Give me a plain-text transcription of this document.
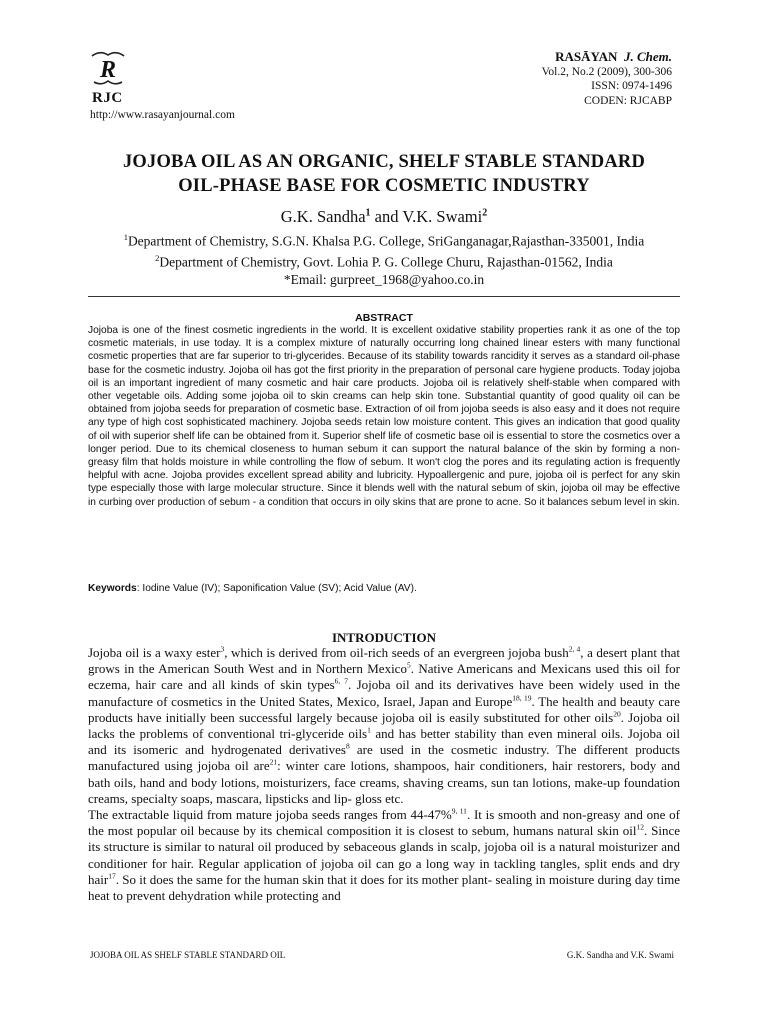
R
RJC
http://www.rasayanjournal.com
RASĀYAN J. Chem.
Vol.2, No.2 (2009), 300-306
ISSN: 0974-1496
CODEN: RJCABP
JOJOBA OIL AS AN ORGANIC, SHELF STABLE STANDARD
OIL-PHASE BASE FOR COSMETIC INDUSTRY
G.K. Sandha$^1$ and V.K. Swami$^2$
$^1$Department of Chemistry, S.G.N. Khalsa P.G. College, SriGanganagar,Rajasthan-335001, India
$^2$Department of Chemistry, Govt. Lohia P. G. College Churu, Rajasthan-01562, India
*Email: gurpreet_1968@yahoo.co.in
ABSTRACT
Jojoba is one of the finest cosmetic ingredients in the world. It is excellent oxidative stability properties rank it as one of the top cosmetic materials, in use today. It is a complex mixture of naturally occurring long chained linear esters with many functional cosmetic properties that are far superior to tri-glycerides. Because of its stability towards rancidity it serves as a standard oil-phase base for the cosmetic industry. Jojoba oil has got the first priority in the preparation of personal care hygiene products. Today jojoba oil is an important ingredient of many cosmetic and hair care products. Jojoba oil is relatively shelf-stable when compared with other vegetable oils. Adding some jojoba oil to skin creams can help skin tone. Substantial quantity of good quality oil can be obtained from jojoba seeds for preparation of cosmetic base. Extraction of oil from jojoba seeds is also easy and it does not require any type of high cost sophisticated machinery. Jojoba seeds retain low moisture content. This gives an indication that good quality of oil with superior shelf life can be obtained from it. Superior shelf life of cosmetic base oil is essential to store the cosmetics over a longer period. Due to its chemical closeness to human sebum it can support the natural balance of the skin by forming a non-greasy film that holds moisture in while controlling the flow of sebum. It won't clog the pores and its regulating action is frequently helpful with acne. Jojoba provides excellent spread ability and lubricity. Hypoallergenic and pure, jojoba oil is perfect for any skin type especially those with large molecular structure. Since it blends well with the natural sebum of skin, jojoba oil may be effective in curbing over production of sebum - a condition that occurs in oily skins that are prone to acne. So it balances sebum level in skin.
Keywords: Iodine Value (IV); Saponification Value (SV); Acid Value (AV).
INTRODUCTION

Jojoba oil is a waxy ester$^3$, which is derived from oil-rich seeds of an evergreen jojoba bush$^{2, 4}$, a desert plant that grows in the American South West and in Northern Mexico$^5$. Native Americans and Mexicans used this oil for eczema, hair care and all kinds of skin types$^{6, 7}$. Jojoba oil and its derivatives have been widely used in the manufacture of cosmetics in the United States, Mexico, Israel, Japan and Europe$^{18, 19}$. The health and beauty care products have initially been successful largely because jojoba oil is easily substituted for other oils$^{20}$. Jojoba oil lacks the problems of conventional tri-glyceride oils$^1$ and has better stability than even mineral oils. Jojoba oil and its isomeric and hydrogenated derivatives$^8$ are used in the cosmetic industry. The different products manufactured using jojoba oil are$^{21}$: winter care lotions, shampoos, hair conditioners, hair restorers, body and bath oils, hand and body lotions, moisturizers, face creams, shaving creams, sun tan lotions, make-up foundation creams, specialty soaps, mascara, lipsticks and lip- gloss etc.

The extractable liquid from mature jojoba seeds ranges from 44-47%$^{9, 11}$. It is smooth and non-greasy and one of the most popular oil because by its chemical composition it is closest to sebum, humans natural skin oil$^{12}$. Since its structure is similar to natural oil produced by sebaceous glands in scalp, jojoba oil is a natural moisturizer and conditioner for hair. Regular application of jojoba oil can go a long way in tackling tangles, split ends and dry hair$^{17}$. So it does the same for the human skin that it does for its mother plant- sealing in moisture during day time heat to prevent dehydration while protecting and

JOJOBA OIL AS SHELF STABLE STANDARD OIL	G.K. Sandha and V.K. Swami
